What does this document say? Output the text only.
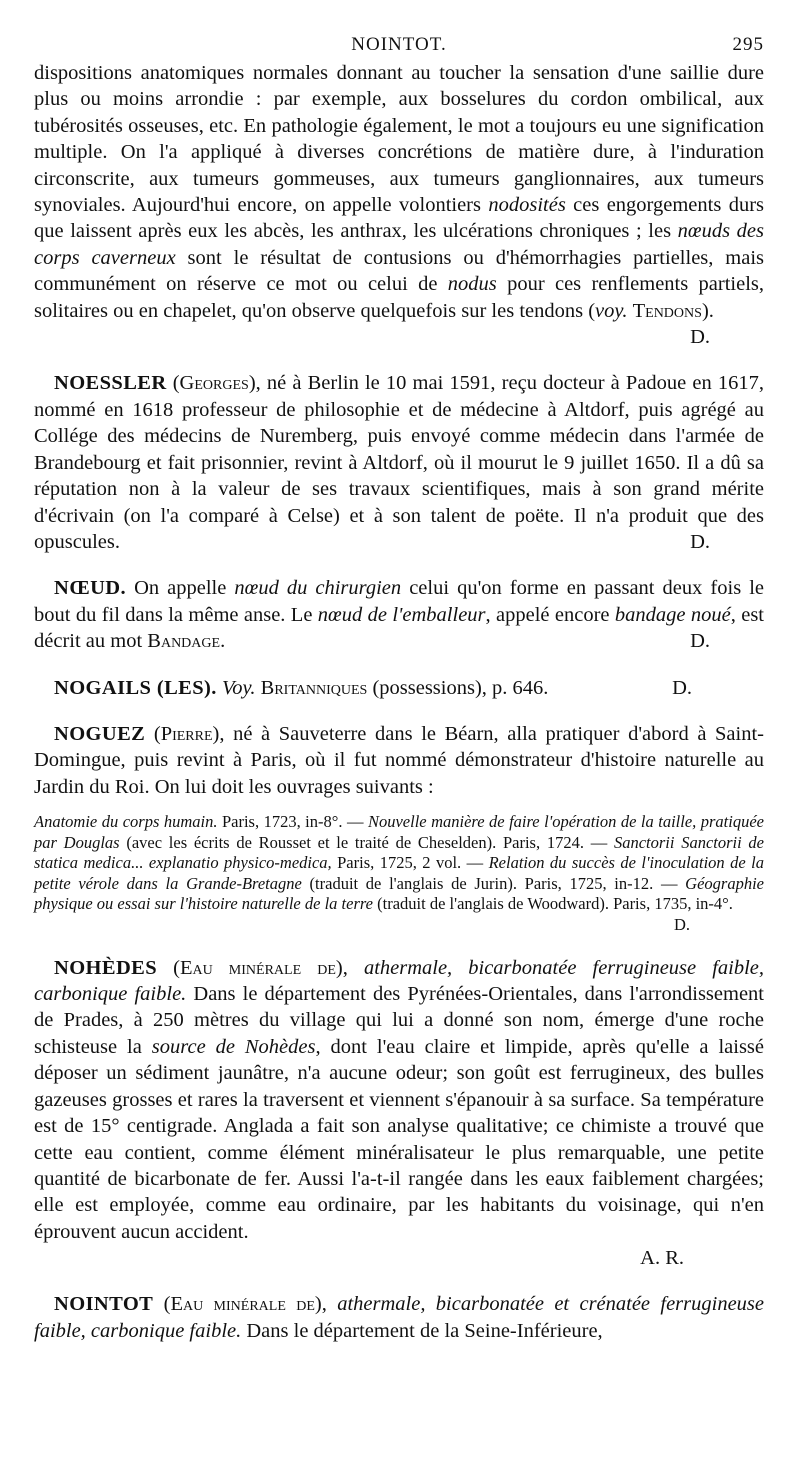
NOINTOT.	295

dispositions anatomiques normales donnant au toucher la sensation d'une saillie dure plus ou moins arrondie : par exemple, aux bosselures du cordon ombilical, aux tubérosités osseuses, etc. En pathologie également, le mot a toujours eu une signification multiple. On l'a appliqué à diverses concrétions de matière dure, à l'induration circonscrite, aux tumeurs gommeuses, aux tumeurs ganglionnaires, aux tumeurs synoviales. Aujourd'hui encore, on appelle volontiers nodosités ces engorgements durs que laissent après eux les abcès, les anthrax, les ulcérations chroniques ; les nœuds des corps caverneux sont le résultat de contusions ou d'hémorrhagies partielles, mais communément on réserve ce mot ou celui de nodus pour ces renflements partiels, solitaires ou en chapelet, qu'on observe quelquefois sur les tendons (voy. Tendons).
D.

NOESSLER (Georges), né à Berlin le 10 mai 1591, reçu docteur à Padoue en 1617, nommé en 1618 professeur de philosophie et de médecine à Altdorf, puis agrégé au Collége des médecins de Nuremberg, puis envoyé comme médecin dans l'armée de Brandebourg et fait prisonnier, revint à Altdorf, où il mourut le 9 juillet 1650. Il a dû sa réputation non à la valeur de ses travaux scientifiques, mais à son grand mérite d'écrivain (on l'a comparé à Celse) et à son talent de poëte. Il n'a produit que des opuscules.	D.

NŒUD. On appelle nœud du chirurgien celui qu'on forme en passant deux fois le bout du fil dans la même anse. Le nœud de l'emballeur, appelé encore bandage noué, est décrit au mot Bandage.	D.

NOGAILS (LES). Voy. Britanniques (possessions), p. 646.	D.

NOGUEZ (Pierre), né à Sauveterre dans le Béarn, alla pratiquer d'abord à Saint-Domingue, puis revint à Paris, où il fut nommé démonstrateur d'histoire naturelle au Jardin du Roi. On lui doit les ouvrages suivants :

Anatomie du corps humain. Paris, 1723, in-8°. — Nouvelle manière de faire l'opération de la taille, pratiquée par Douglas (avec les écrits de Rousset et le traité de Cheselden). Paris, 1724. — Sanctorii Sanctorii de statica medica... explanatio physico-medica, Paris, 1725, 2 vol. — Relation du succès de l'inoculation de la petite vérole dans la Grande-Bretagne (traduit de l'anglais de Jurin). Paris, 1725, in-12. — Géographie physique ou essai sur l'histoire naturelle de la terre (traduit de l'anglais de Woodward). Paris, 1735, in-4°.

D.

NOHÈDES (Eau minérale de), athermale, bicarbonatée ferrugineuse faible, carbonique faible. Dans le département des Pyrénées-Orientales, dans l'arrondissement de Prades, à 250 mètres du village qui lui a donné son nom, émerge d'une roche schisteuse la source de Nohèdes, dont l'eau claire et limpide, après qu'elle a laissé déposer un sédiment jaunâtre, n'a aucune odeur; son goût est ferrugineux, des bulles gazeuses grosses et rares la traversent et viennent s'épanouir à sa surface. Sa température est de 15° centigrade. Anglada a fait son analyse qualitative; ce chimiste a trouvé que cette eau contient, comme élément minéralisateur le plus remarquable, une petite quantité de bicarbonate de fer. Aussi l'a-t-il rangée dans les eaux faiblement chargées; elle est employée, comme eau ordinaire, par les habitants du voisinage, qui n'en éprouvent aucun accident.

A. R.

NOINTOT (Eau minérale de), athermale, bicarbonatée et crénatée ferrugineuse faible, carbonique faible. Dans le département de la Seine-Inférieure,
